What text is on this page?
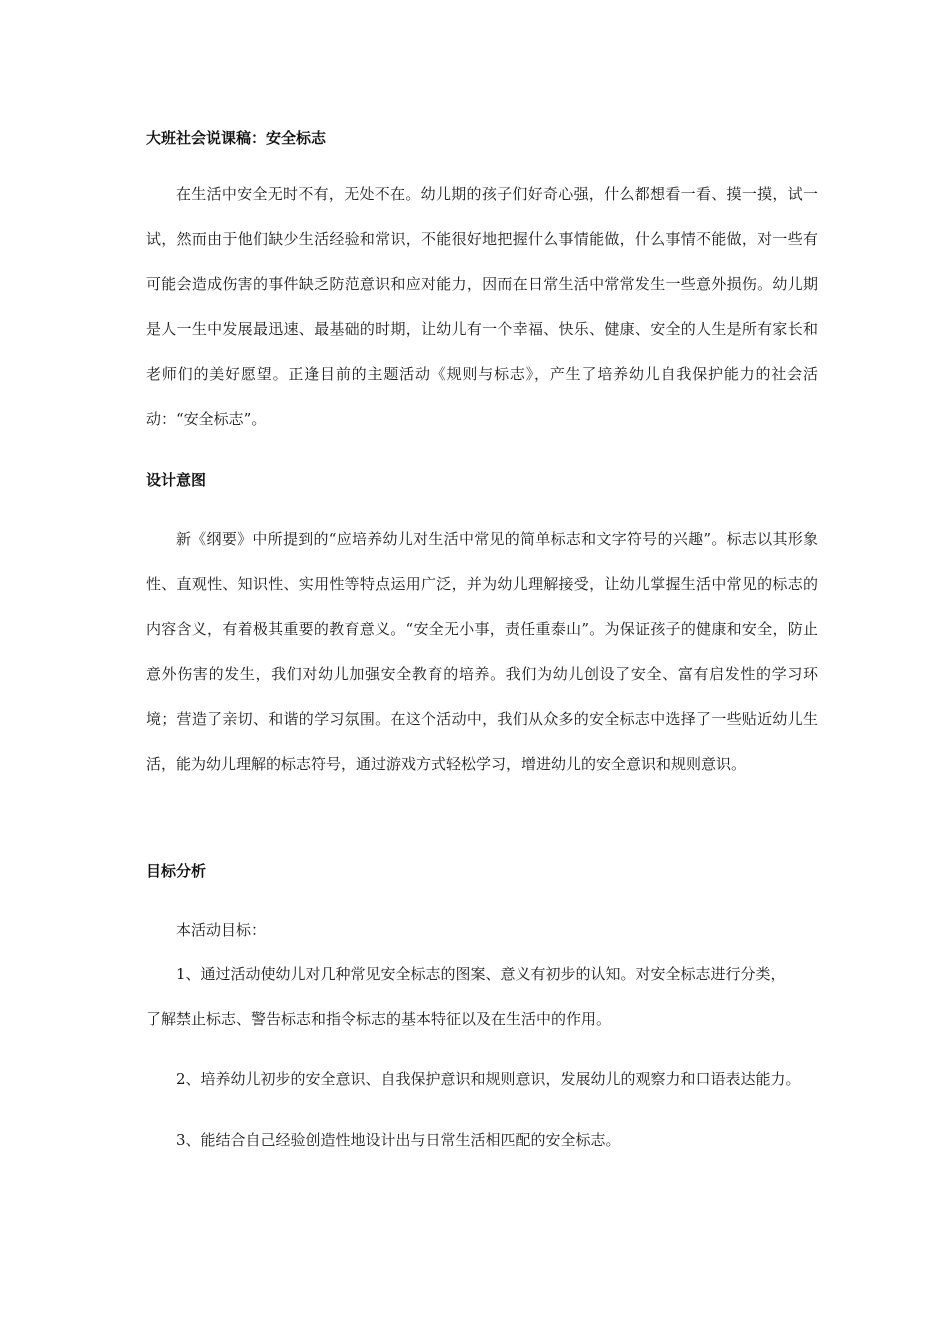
大班社会说课稿：安全标志

在生活中安全无时不有，无处不在。幼儿期的孩子们好奇心强，什么都想看一看、摸一摸，试一试，然而由于他们缺少生活经验和常识，不能很好地把握什么事情能做，什么事情不能做，对一些有可能会造成伤害的事件缺乏防范意识和应对能力，因而在日常生活中常常发生一些意外损伤。幼儿期是人一生中发展最迅速、最基础的时期，让幼儿有一个幸福、快乐、健康、安全的人生是所有家长和老师们的美好愿望。正逢目前的主题活动《规则与标志》，产生了培养幼儿自我保护能力的社会活动：“安全标志”。

设计意图

新《纲要》中所提到的“应培养幼儿对生活中常见的简单标志和文字符号的兴趣”。标志以其形象性、直观性、知识性、实用性等特点运用广泛，并为幼儿理解接受，让幼儿掌握生活中常见的标志的内容含义，有着极其重要的教育意义。“安全无小事，责任重泰山”。为保证孩子的健康和安全，防止意外伤害的发生，我们对幼儿加强安全教育的培养。我们为幼儿创设了安全、富有启发性的学习环境；营造了亲切、和谐的学习氛围。在这个活动中，我们从众多的安全标志中选择了一些贴近幼儿生活，能为幼儿理解的标志符号，通过游戏方式轻松学习，增进幼儿的安全意识和规则意识。

目标分析
本活动目标：
1、通过活动使幼儿对几种常见安全标志的图案、意义有初步的认知。对安全标志进行分类，
了解禁止标志、警告标志和指令标志的基本特征以及在生活中的作用。
2、培养幼儿初步的安全意识、自我保护意识和规则意识，发展幼儿的观察力和口语表达能力。
3、能结合自己经验创造性地设计出与日常生活相匹配的安全标志。
